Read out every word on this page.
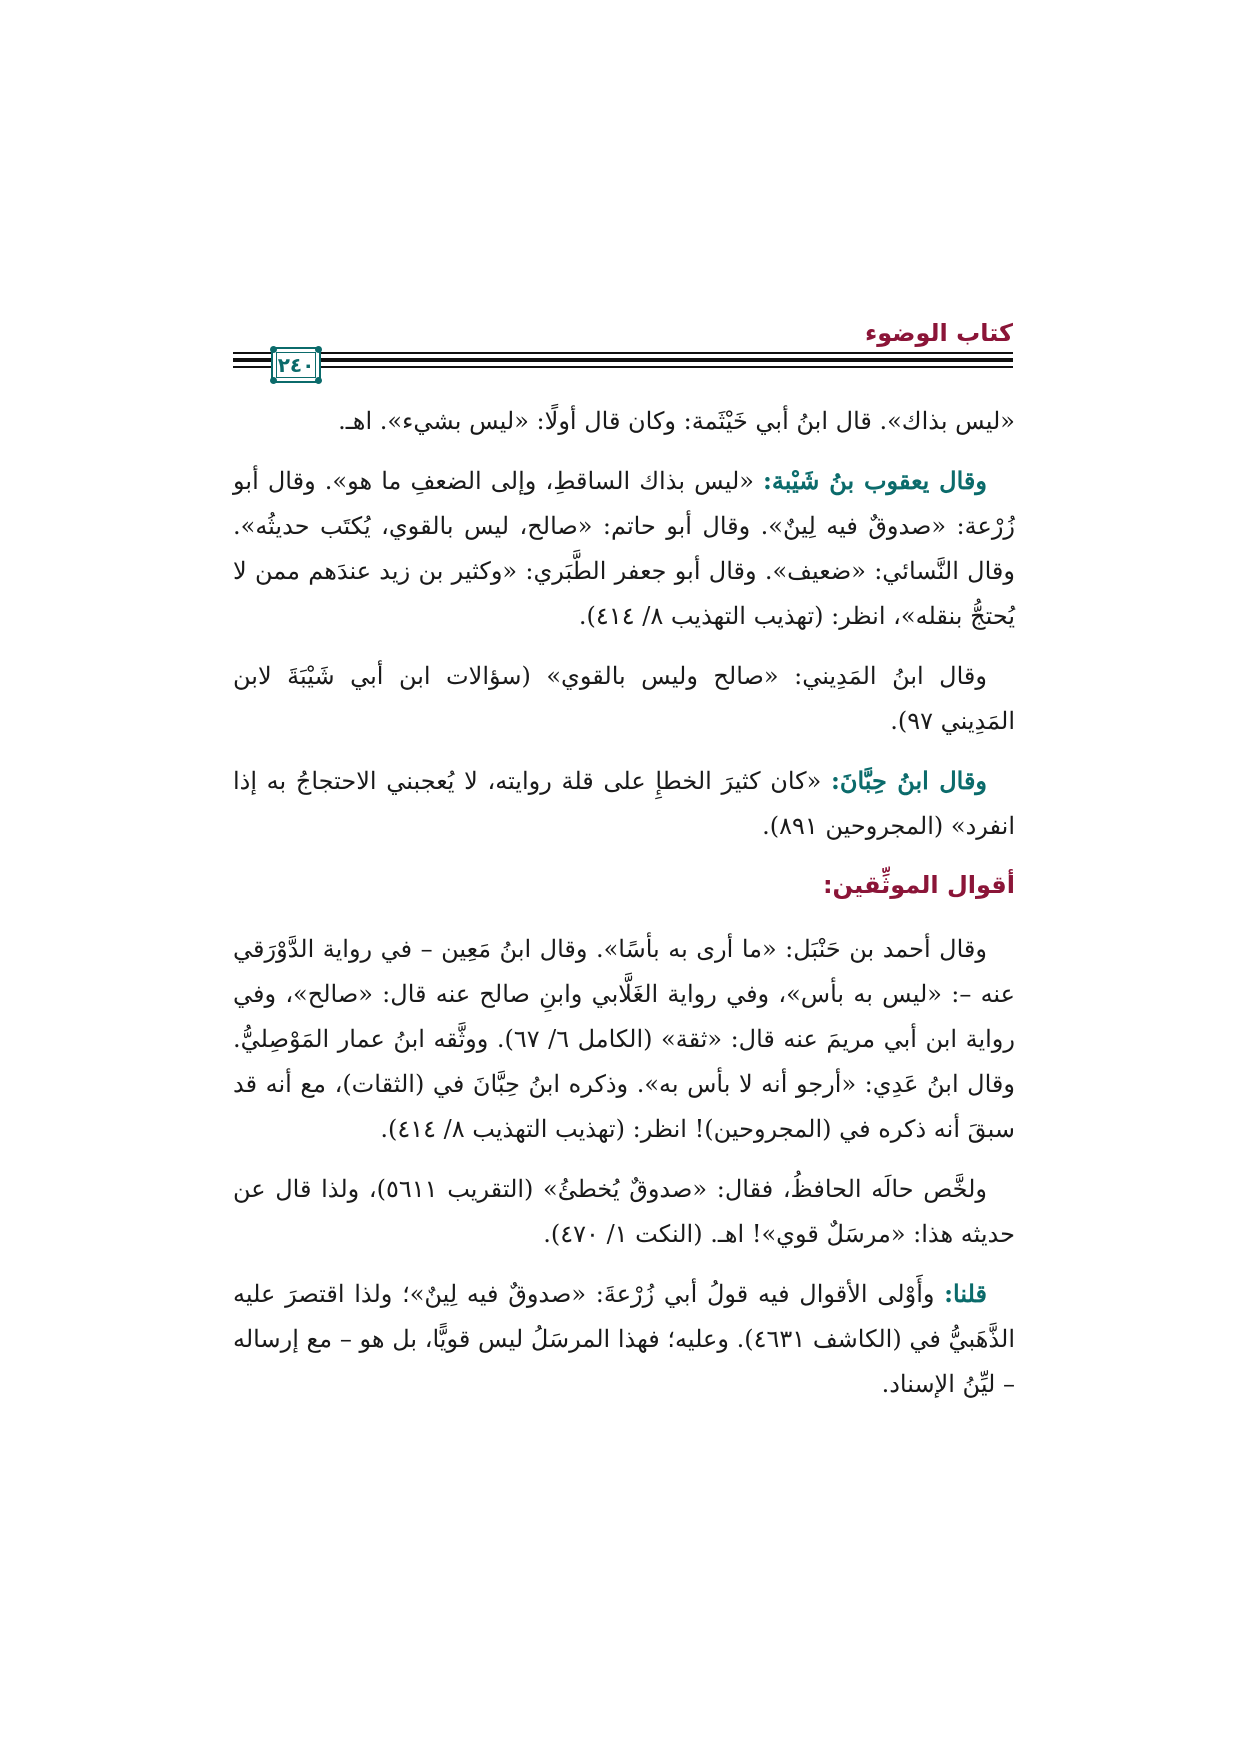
كتاب الوضوء
٢٤٠

«ليس بذاك». قال ابنُ أبي خَيْثَمة: وكان قال أولًا: «ليس بشيء». اهـ.

وقال يعقوب بنُ شَيْبة: «ليس بذاك الساقطِ، وإلى الضعفِ ما هو». وقال أبو زُرْعة: «صدوقٌ فيه لِينٌ». وقال أبو حاتم: «صالح، ليس بالقوي، يُكتَب حديثُه». وقال النَّسائي: «ضعيف». وقال أبو جعفر الطَّبَري: «وكثير بن زيد عندَهم ممن لا يُحتجُّ بنقله»، انظر: (تهذيب التهذيب ٨/ ٤١٤).

وقال ابنُ المَدِيني: «صالح وليس بالقوي» (سؤالات ابن أبي شَيْبَةَ لابن المَدِيني ٩٧).

وقال ابنُ حِبَّانَ: «كان كثيرَ الخطإِ على قلة روايته، لا يُعجبني الاحتجاجُ به إذا انفرد» (المجروحين ٨٩١).

أقوال الموثِّقين:

وقال أحمد بن حَنْبَل: «ما أرى به بأسًا». وقال ابنُ مَعِين – في رواية الدَّوْرَقي عنه –: «ليس به بأس»، وفي رواية الغَلَّابي وابنِ صالح عنه قال: «صالح»، وفي رواية ابن أبي مريمَ عنه قال: «ثقة» (الكامل ٦/ ٦٧). ووثَّقه ابنُ عمار المَوْصِليُّ. وقال ابنُ عَدِي: «أرجو أنه لا بأس به». وذكره ابنُ حِبَّانَ في (الثقات)، مع أنه قد سبقَ أنه ذكره في (المجروحين)! انظر: (تهذيب التهذيب ٨/ ٤١٤).

ولخَّص حالَه الحافظُ، فقال: «صدوقٌ يُخطئُ» (التقريب ٥٦١١)، ولذا قال عن حديثه هذا: «مرسَلٌ قوي»! اهـ. (النكت ١/ ٤٧٠).

قلنا: وأَوْلى الأقوال فيه قولُ أبي زُرْعةَ: «صدوقٌ فيه لِينٌ»؛ ولذا اقتصرَ عليه الذَّهَبيُّ في (الكاشف ٤٦٣١). وعليه؛ فهذا المرسَلُ ليس قويًّا، بل هو – مع إرساله – ليِّنُ الإسناد.
